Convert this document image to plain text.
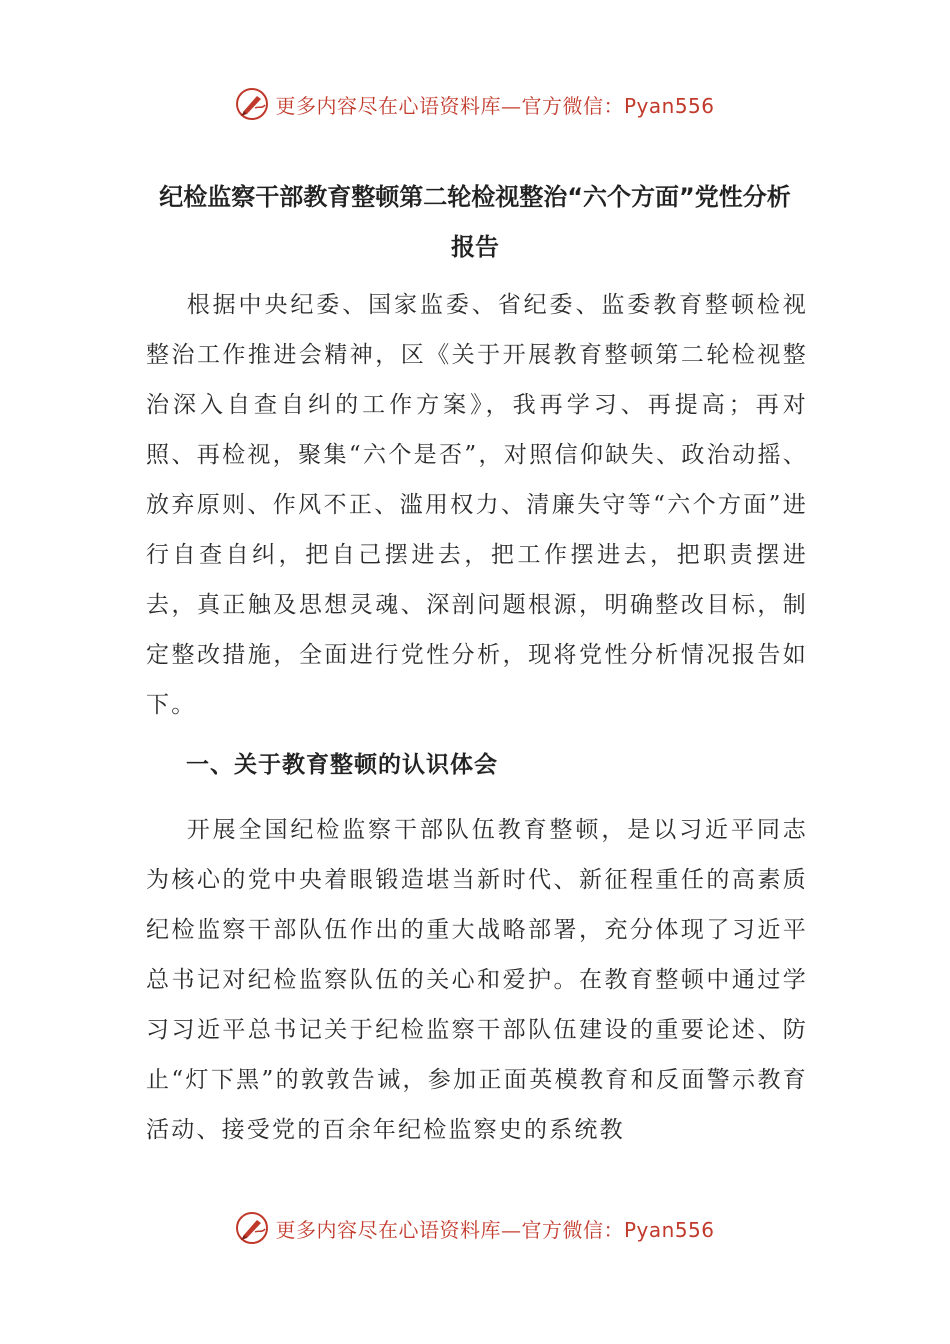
更多内容尽在心语资料库—官方微信：Pyan556
纪检监察干部教育整顿第二轮检视整治“六个方面”党性分析报告
根据中央纪委、国家监委、省纪委、监委教育整顿检视整治工作推进会精神，区《关于开展教育整顿第二轮检视整治深入自查自纠的工作方案》，我再学习、再提高；再对照、再检视，聚集“六个是否”，对照信仰缺失、政治动摇、放弃原则、作风不正、滥用权力、清廉失守等“六个方面”进行自查自纠，把自己摆进去，把工作摆进去，把职责摆进去，真正触及思想灵魂、深剖问题根源，明确整改目标，制定整改措施，全面进行党性分析，现将党性分析情况报告如下。
一、关于教育整顿的认识体会
开展全国纪检监察干部队伍教育整顿，是以习近平同志为核心的党中央着眼锻造堪当新时代、新征程重任的高素质纪检监察干部队伍作出的重大战略部署，充分体现了习近平总书记对纪检监察队伍的关心和爱护。在教育整顿中通过学习习近平总书记关于纪检监察干部队伍建设的重要论述、防止“灯下黑”的敦敦告诫，参加正面英模教育和反面警示教育活动、接受党的百余年纪检监察史的系统教
更多内容尽在心语资料库—官方微信：Pyan556
